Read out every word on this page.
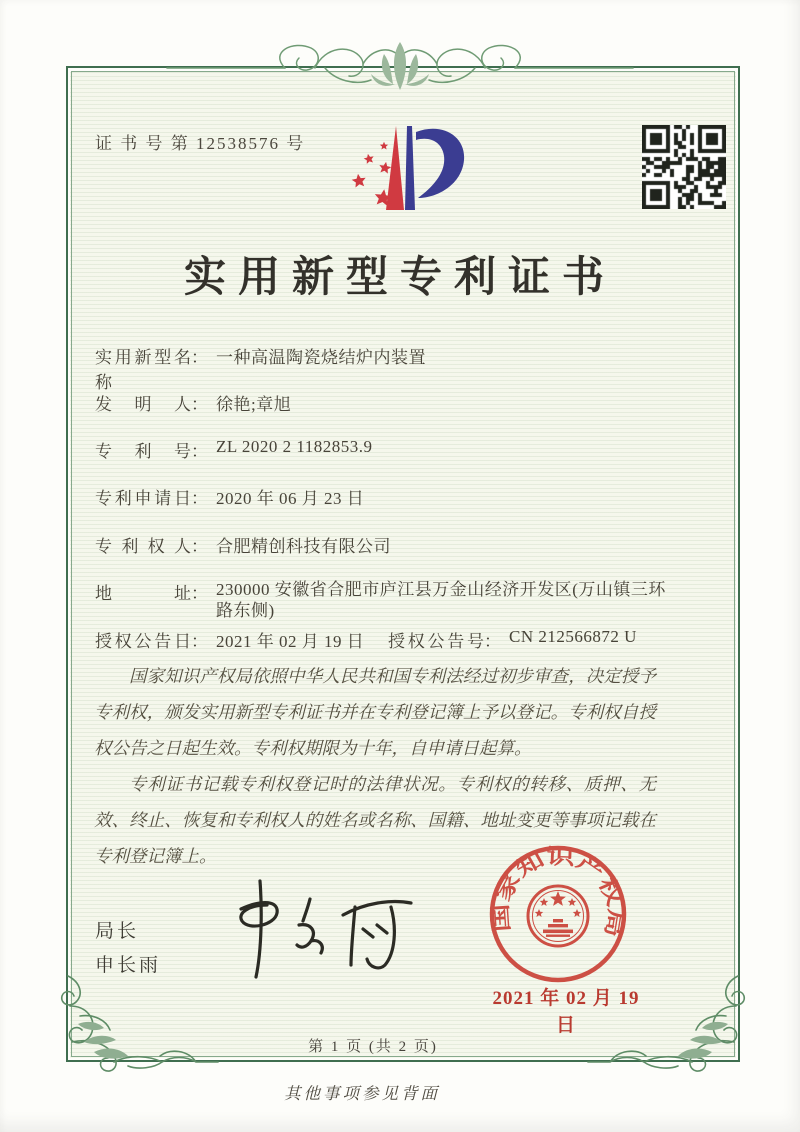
证 书 号 第 12538576 号
实用新型专利证书
实用新型名称： 一种高温陶瓷烧结炉内装置
发明人： 徐艳;章旭
专利号： ZL 2020 2 1182853.9
专利申请日： 2020 年 06 月 23 日
专利权人： 合肥精创科技有限公司
地址： 230000 安徽省合肥市庐江县万金山经济开发区(万山镇三环路东侧)
授权公告日： 2021 年 02 月 19 日 授权公告号： CN 212566872 U

国家知识产权局依照中华人民共和国专利法经过初步审查，决定授予专利权，颁发实用新型专利证书并在专利登记簿上予以登记。专利权自授权公告之日起生效。专利权期限为十年，自申请日起算。

专利证书记载专利权登记时的法律状况。专利权的转移、质押、无效、终止、恢复和专利权人的姓名或名称、国籍、地址变更等事项记载在专利登记簿上。

局长
申长雨
国家知识产权局
2021 年 02 月 19 日
第 1 页 (共 2 页)
其他事项参见背面
